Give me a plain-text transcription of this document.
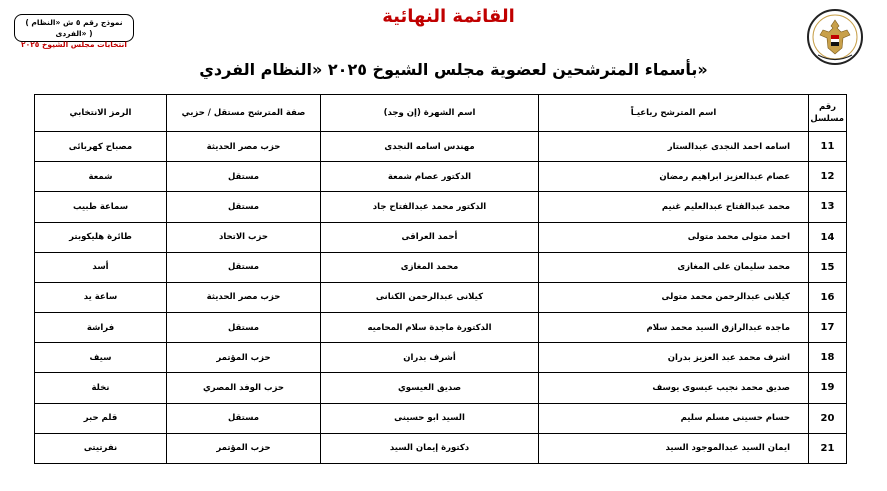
( نموذج رقم ٥ ش «النظام الفردى» )
انتخابات مجلس الشيوخ ٢٠٢٥
القائمة النهائية
بأسماء المترشحين لعضوية مجلس الشيوخ ٢٠٢٥ «النظام الفردي»
رقم مسلسل	اسم المترشح رباعيـاً	اسم الشهرة (إن وجد)	صفة المترشح مستقل / حزبي	الرمز الانتخابي
11	اسامه احمد النجدى عبدالستار	مهندس اسامه النجدى	حزب مصر الحديثة	مصباح كهربائى
12	عصام عبدالعزيز ابراهيم رمضان	الدكتور عصام شمعة	مستقل	شمعة
13	محمد عبدالفتاح عبدالعليم غنيم	الدكتور محمد عبدالفتاح جاد	مستقل	سماعة طبيب
14	احمد متولى محمد متولى	أحمد العراقى	حزب الاتحاد	طائرة هليكوبتر
15	محمد سليمان على المغازى	محمد المغازى	مستقل	أسد
16	كيلانى عبدالرحمن محمد متولى	كيلانى عبدالرحمن الكنانى	حزب مصر الحديثة	ساعة يد
17	ماجده عبدالرازق السيد محمد سلام	الدكتورة ماجدة سلام المحاميه	مستقل	فراشة
18	اشرف محمد عبد العزيز بدران	أشرف بدران	حزب المؤتمر	سيف
19	صديق محمد نجيب عيسوى يوسف	صديق العيسوي	حزب الوفد المصري	نخلة
20	حسام حسينى مسلم سليم	السيد ابو حسينى	مستقل	قلم حبر
21	ايمان السيد عبدالموجود السيد	دكتورة إيمان السيد	حزب المؤتمر	نفرتيتى
